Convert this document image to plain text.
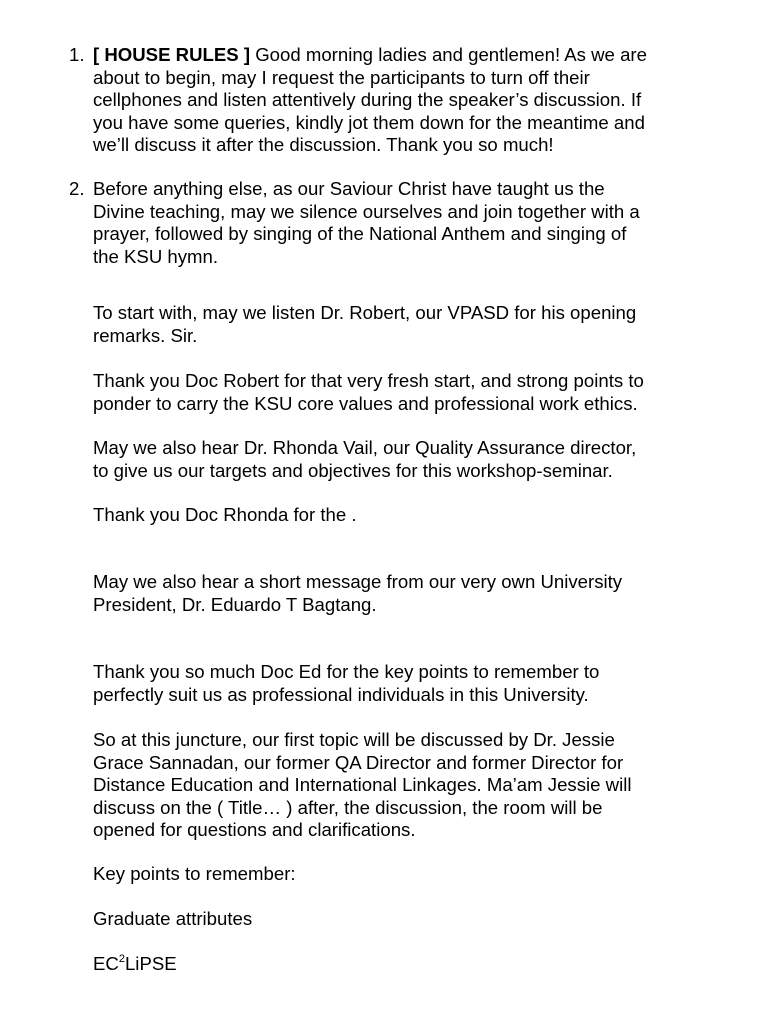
1. [ HOUSE RULES ] Good morning ladies and gentlemen! As we are
about to begin, may I request the participants to turn off their
cellphones and listen attentively during the speaker’s discussion. If
you have some queries, kindly jot them down for the meantime and
we’ll discuss it after the discussion. Thank you so much!
2. Before anything else, as our Saviour Christ have taught us the
Divine teaching, may we silence ourselves and join together with a
prayer, followed by singing of the National Anthem and singing of
the KSU hymn.
To start with, may we listen Dr. Robert, our VPASD for his opening
remarks. Sir.
Thank you Doc Robert for that very fresh start, and strong points to
ponder to carry the KSU core values and professional work ethics.
May we also hear Dr. Rhonda Vail, our Quality Assurance director,
to give us our targets and objectives for this workshop-seminar.
Thank you Doc Rhonda for the .
May we also hear a short message from our very own University
President, Dr. Eduardo T Bagtang.
Thank you so much Doc Ed for the key points to remember to
perfectly suit us as professional individuals in this University.
So at this juncture, our first topic will be discussed by Dr. Jessie
Grace Sannadan, our former QA Director and former Director for
Distance Education and International Linkages. Ma’am Jessie will
discuss on the ( Title… ) after, the discussion, the room will be
opened for questions and clarifications.
Key points to remember:
Graduate attributes
$EC^2LiPSE$
